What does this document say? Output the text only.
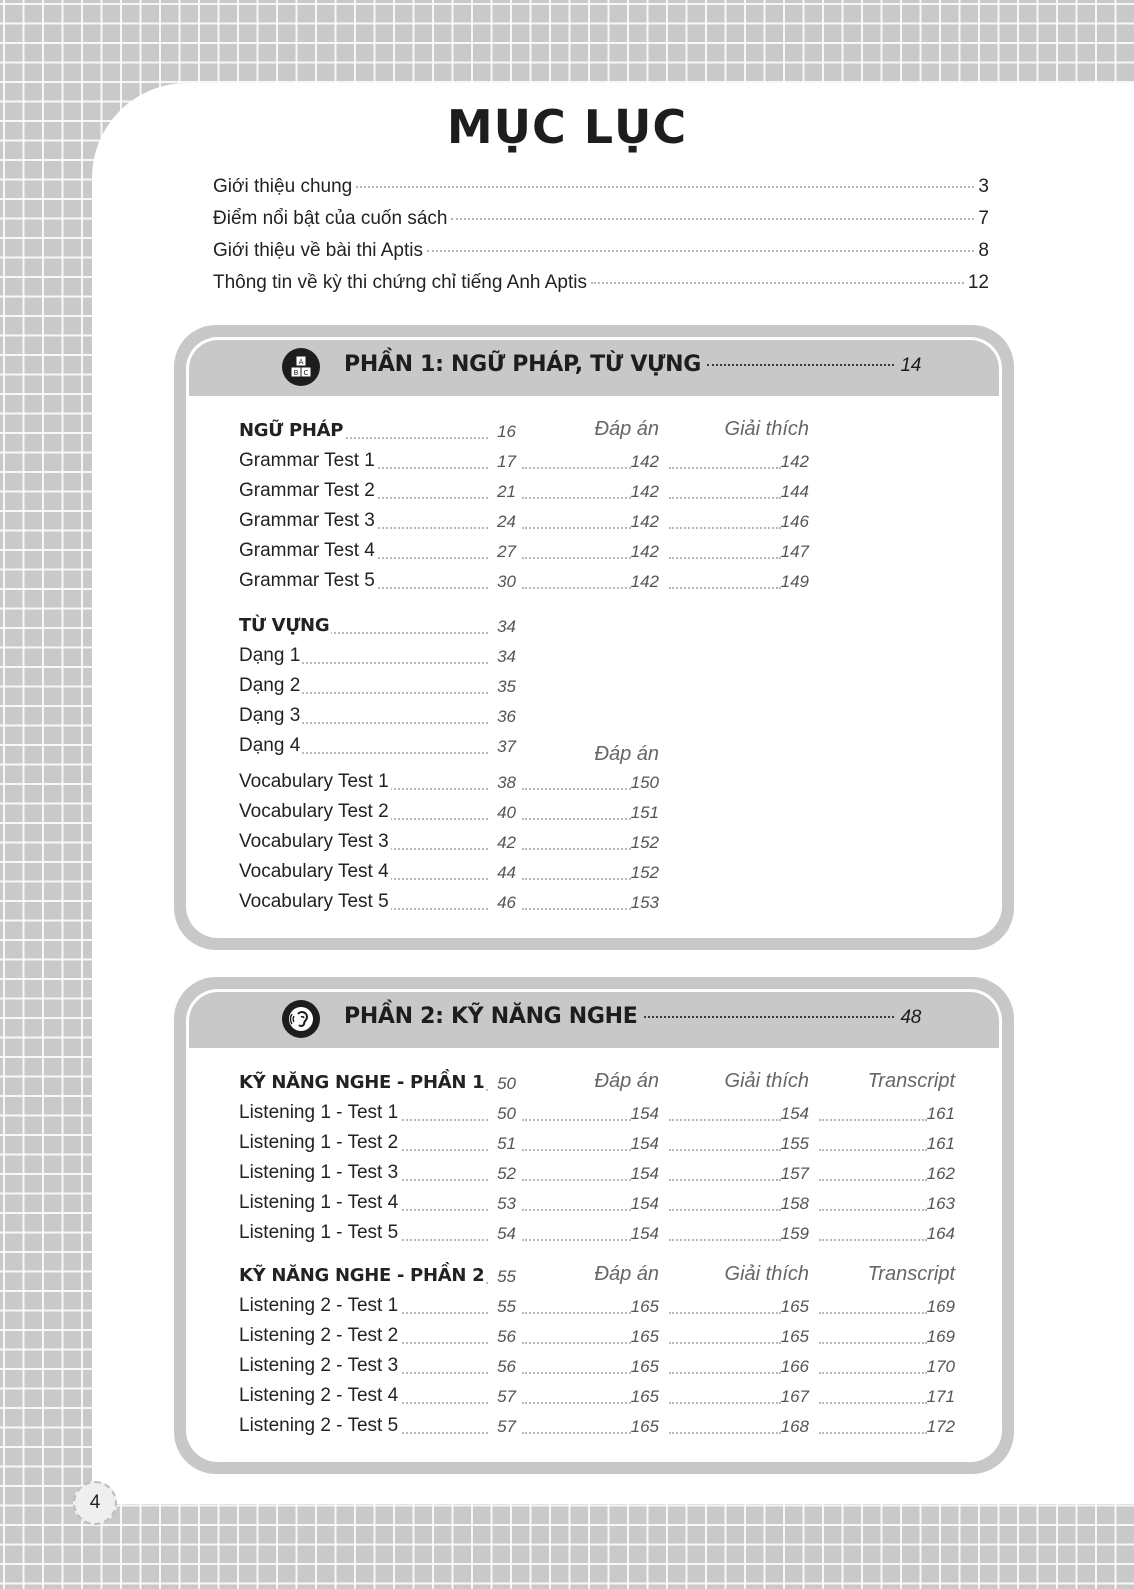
MỤC LỤC
Giới thiệu chung	3
Điểm nổi bật của cuốn sách	7
Giới thiệu về bài thi Aptis	8
Thông tin về kỳ thi chứng chỉ tiếng Anh Aptis	12
A
B C PHẦN 1: NGỮ PHÁP, TỪ VỰNG	14
NGỮ PHÁP	16	Đáp án	Giải thích
Grammar Test 1	17	142	142
Grammar Test 2	21	142	144
Grammar Test 3	24	142	146
Grammar Test 4	27	142	147
Grammar Test 5	30	142	149
TỪ VỰNG	34
Dạng 1	34
Dạng 2	35
Dạng 3	36
Dạng 4	37	Đáp án
Vocabulary Test 1	38	150
Vocabulary Test 2	40	151
Vocabulary Test 3	42	152
Vocabulary Test 4	44	152
Vocabulary Test 5	46	153
PHẦN 2: KỸ NĂNG NGHE	48
KỸ NĂNG NGHE - PHẦN 1 50	Đáp án	Giải thích	Transcript
Listening 1 - Test 1	50	154	154	161
Listening 1 - Test 2	51	154	155	161
Listening 1 - Test 3	52	154	157	162
Listening 1 - Test 4	53	154	158	163
Listening 1 - Test 5	54	154	159	164
KỸ NĂNG NGHE - PHẦN 2 55	Đáp án	Giải thích	Transcript
Listening 2 - Test 1	55	165	165	169
Listening 2 - Test 2	56	165	165	169
Listening 2 - Test 3	56	165	166	170
Listening 2 - Test 4	57	165	167	171
Listening 2 - Test 5	57	165	168	172
4
